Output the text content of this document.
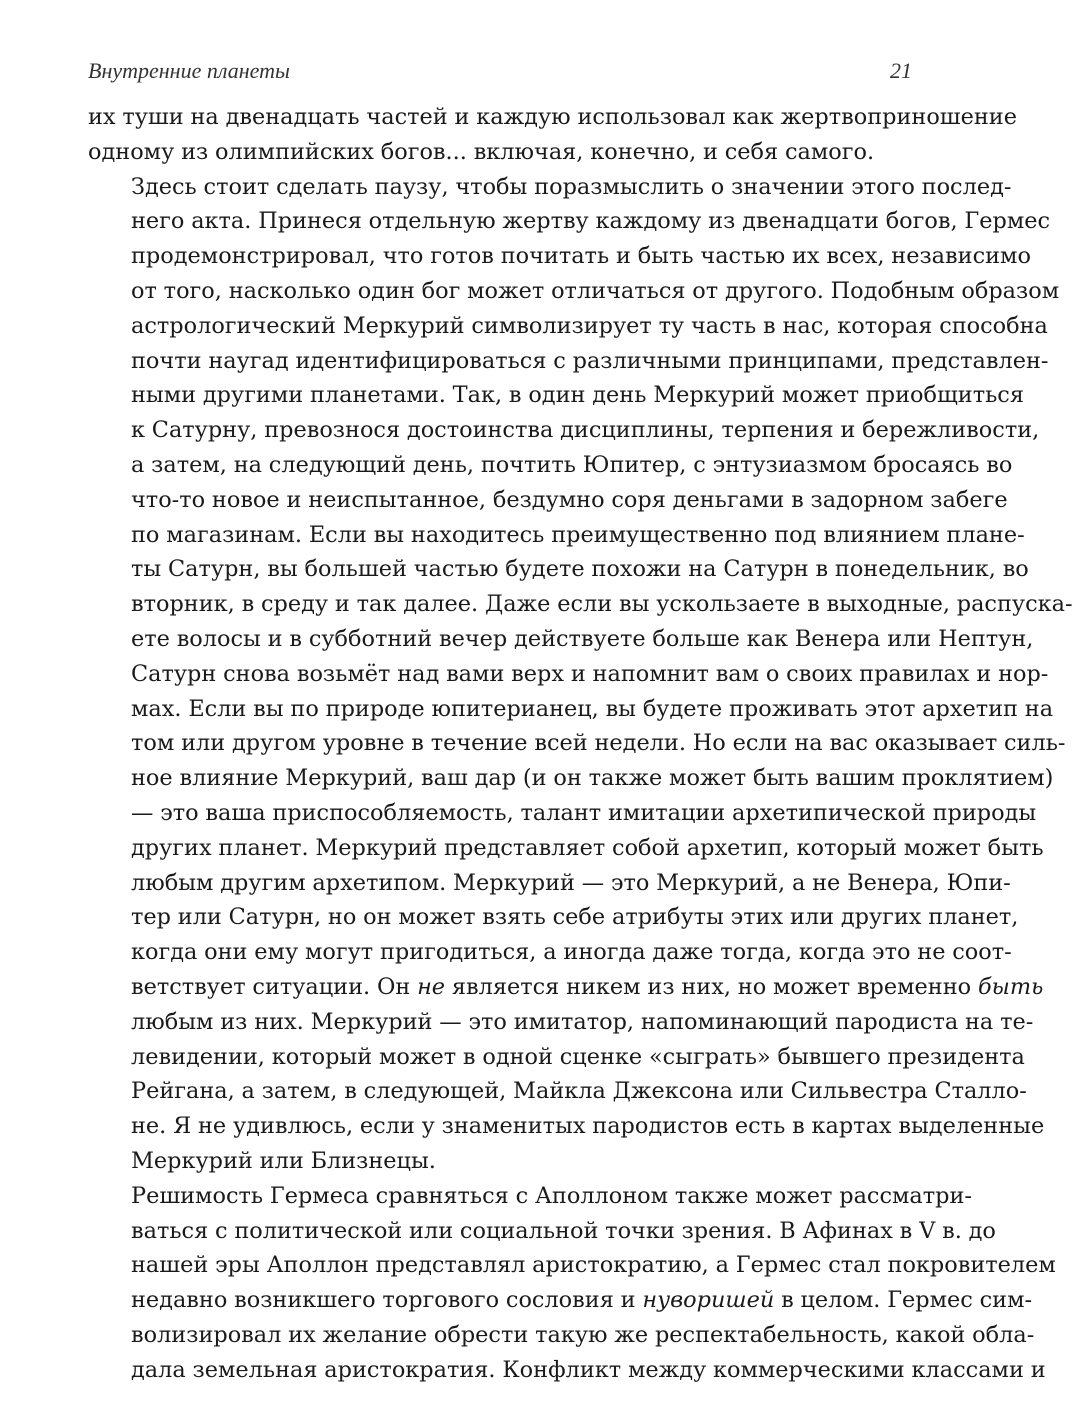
Внутренние планеты	21

их туши на двенадцать частей и каждую использовал как жертвоприношение
одному из олимпийских богов... включая, конечно, и себя самого.

Здесь стоит сделать паузу, чтобы поразмыслить о значении этого послед-
него акта. Принеся отдельную жертву каждому из двенадцати богов, Гермес
продемонстрировал, что готов почитать и быть частью их всех, независимо
от того, насколько один бог может отличаться от другого. Подобным образом
астрологический Меркурий символизирует ту часть в нас, которая способна
почти наугад идентифицироваться с различными принципами, представлен-
ными другими планетами. Так, в один день Меркурий может приобщиться
к Сатурну, превознося достоинства дисциплины, терпения и бережливости,
а затем, на следующий день, почтить Юпитер, с энтузиазмом бросаясь во
что-то новое и неиспытанное, бездумно соря деньгами в задорном забеге
по магазинам. Если вы находитесь преимущественно под влиянием плане-
ты Сатурн, вы большей частью будете похожи на Сатурн в понедельник, во
вторник, в среду и так далее. Даже если вы ускользаете в выходные, распуска-
ете волосы и в субботний вечер действуете больше как Венера или Нептун,
Сатурн снова возьмёт над вами верх и напомнит вам о своих правилах и нор-
мах. Если вы по природе юпитерианец, вы будете проживать этот архетип на
том или другом уровне в течение всей недели. Но если на вас оказывает силь-
ное влияние Меркурий, ваш дар (и он также может быть вашим проклятием)
— это ваша приспособляемость, талант имитации архетипической природы
других планет. Меркурий представляет собой архетип, который может быть
любым другим архетипом. Меркурий — это Меркурий, а не Венера, Юпи-
тер или Сатурн, но он может взять себе атрибуты этих или других планет,
когда они ему могут пригодиться, а иногда даже тогда, когда это не соот-
ветствует ситуации. Он не является никем из них, но может временно быть
любым из них. Меркурий — это имитатор, напоминающий пародиста на те-
левидении, который может в одной сценке «сыграть» бывшего президента
Рейгана, а затем, в следующей, Майкла Джексона или Сильвестра Сталло-
не. Я не удивлюсь, если у знаменитых пародистов есть в картах выделенные
Меркурий или Близнецы.

Решимость Гермеса сравняться с Аполлоном также может рассматри-
ваться с политической или социальной точки зрения. В Афинах в V в. до
нашей эры Аполлон представлял аристократию, а Гермес стал покровителем
недавно возникшего торгового сословия и нуворишей в целом. Гермес сим-
волизировал их желание обрести такую же респектабельность, какой обла-
дала земельная аристократия. Конфликт между коммерческими классами и
